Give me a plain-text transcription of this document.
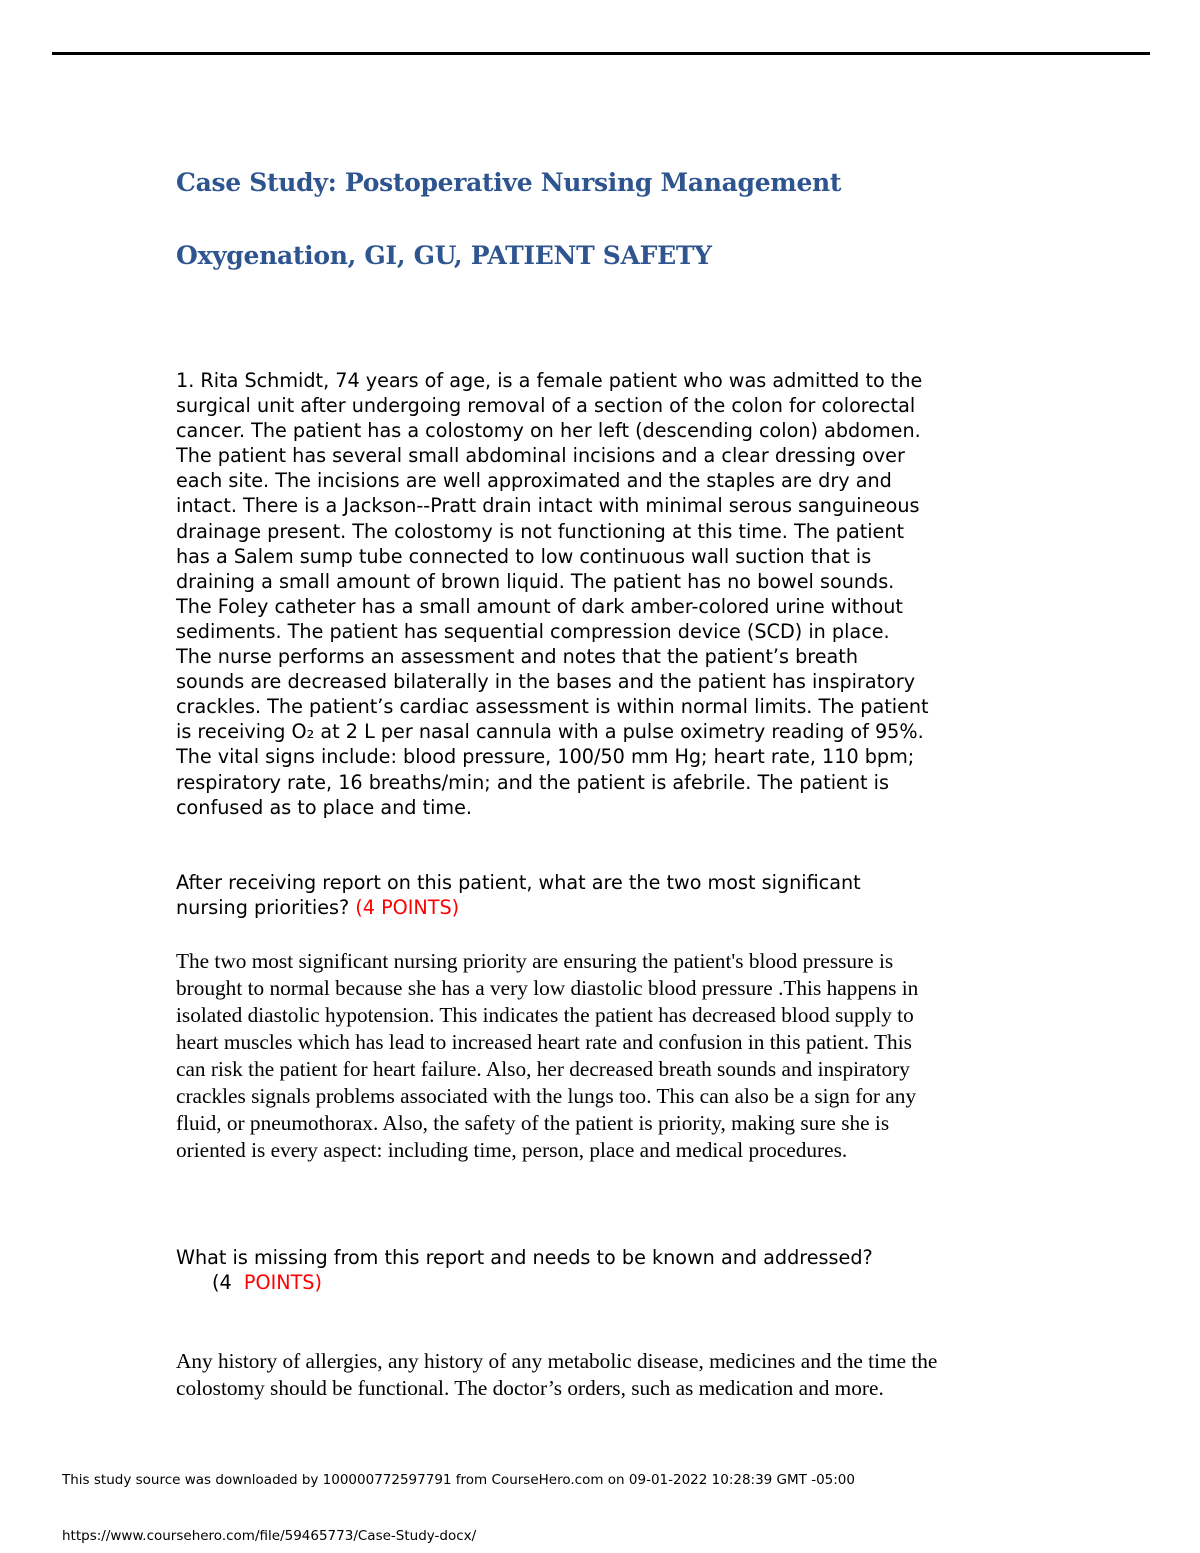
Case Study: Postoperative Nursing Management
Oxygenation, GI, GU, PATIENT SAFETY
1. Rita Schmidt, 74 years of age, is a female patient who was admitted to the
surgical unit after undergoing removal of a section of the colon for colorectal
cancer. The patient has a colostomy on her left (descending colon) abdomen.
The patient has several small abdominal incisions and a clear dressing over
each site. The incisions are well approximated and the staples are dry and
intact. There is a Jackson--Pratt drain intact with minimal serous sanguineous
drainage present. The colostomy is not functioning at this time. The patient
has a Salem sump tube connected to low continuous wall suction that is
draining a small amount of brown liquid. The patient has no bowel sounds.
The Foley catheter has a small amount of dark amber-colored urine without
sediments. The patient has sequential compression device (SCD) in place.
The nurse performs an assessment and notes that the patient’s breath
sounds are decreased bilaterally in the bases and the patient has inspiratory
crackles. The patient’s cardiac assessment is within normal limits. The patient
is receiving O₂ at 2 L per nasal cannula with a pulse oximetry reading of 95%.
The vital signs include: blood pressure, 100/50 mm Hg; heart rate, 110 bpm;
respiratory rate, 16 breaths/min; and the patient is afebrile. The patient is
confused as to place and time.
After receiving report on this patient, what are the two most significant
nursing priorities? (4 POINTS)
The two most significant nursing priority are ensuring the patient's blood pressure is
brought to normal because she has a very low diastolic blood pressure .This happens in
isolated diastolic hypotension. This indicates the patient has decreased blood supply to
heart muscles which has lead to increased heart rate and confusion in this patient. This
can risk the patient for heart failure. Also, her decreased breath sounds and inspiratory
crackles signals problems associated with the lungs too. This can also be a sign for any
fluid, or pneumothorax. Also, the safety of the patient is priority, making sure she is
oriented is every aspect: including time, person, place and medical procedures.
What is missing from this report and needs to be known and addressed?
(4 POINTS)
Any history of allergies, any history of any metabolic disease, medicines and the time the
colostomy should be functional. The doctor’s orders, such as medication and more.

This study source was downloaded by 100000772597791 from CourseHero.com on 09-01-2022 10:28:39 GMT -05:00

https://www.coursehero.com/file/59465773/Case-Study-docx/
